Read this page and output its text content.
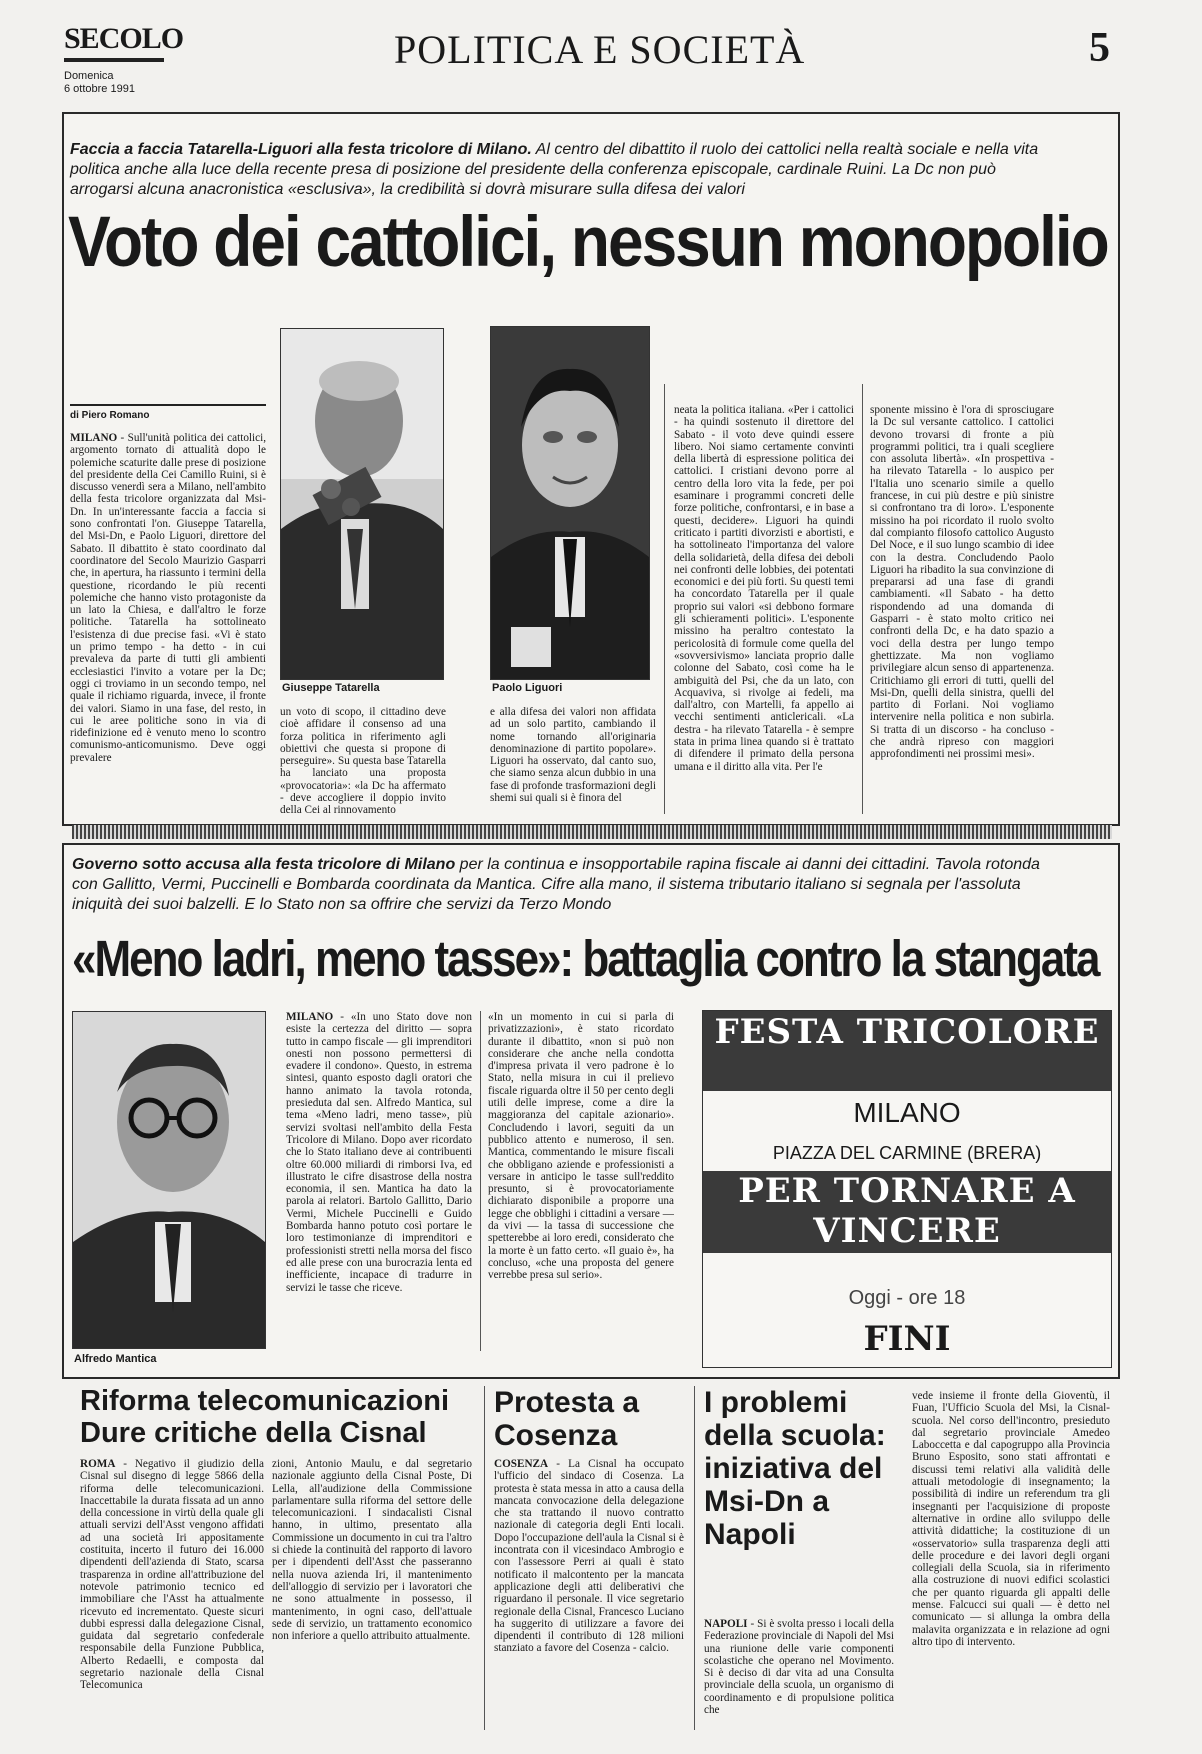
SECOLO
Domenica
6 ottobre 1991
POLITICA E SOCIETÀ	5
Faccia a faccia Tatarella-Liguori alla festa tricolore di Milano. Al centro del dibattito il ruolo dei cattolici nella realtà sociale e nella vita politica anche alla luce della recente presa di posizione del presidente della conferenza episcopale, cardinale Ruini. La Dc non può arrogarsi alcuna anacronistica «esclusiva», la credibilità si dovrà misurare sulla difesa dei valori
Voto dei cattolici, nessun monopolio
di Piero Romano
MILANO - Sull'unità politica dei cattolici, argomento tornato di attualità dopo le polemiche scaturite dalle prese di posizione del presidente della Cei Camillo Ruini, si è discusso venerdì sera a Milano, nell'ambito della festa tricolore organizzata dal Msi-Dn. In un'interessante faccia a faccia si sono confrontati l'on. Giuseppe Tatarella, del Msi-Dn, e Paolo Liguori, direttore del Sabato. Il dibattito è stato coordinato dal coordinatore del Secolo Maurizio Gasparri che, in apertura, ha riassunto i termini della questione, ricordando le più recenti polemiche che hanno visto protagoniste da un lato la Chiesa, e dall'altro le forze politiche. Tatarella ha sottolineato l'esistenza di due precise fasi. «Vi è stato un primo tempo - ha detto - in cui prevaleva da parte di tutti gli ambienti ecclesiastici l'invito a votare per la Dc; oggi ci troviamo in un secondo tempo, nel quale il richiamo riguarda, invece, il fronte dei valori. Siamo in una fase, del resto, in cui le aree politiche sono in via di ridefinizione ed è venuto meno lo scontro comunismo-anticomunismo. Deve oggi prevalere
Giuseppe Tatarella
un voto di scopo, il cittadino deve cioè affidare il consenso ad una forza politica in riferimento agli obiettivi che questa si propone di perseguire». Su questa base Tatarella ha lanciato una proposta «provocatoria»: «la Dc ha affermato - deve accogliere il doppio invito della Cei al rinnovamento
Paolo Liguori
e alla difesa dei valori non affidata ad un solo partito, cambiando il nome tornando all'originaria denominazione di partito popolare». Liguori ha osservato, dal canto suo, che siamo senza alcun dubbio in una fase di profonde trasformazioni degli shemi sui quali si è finora del
neata la politica italiana. «Per i cattolici - ha quindi sostenuto il direttore del Sabato - il voto deve quindi essere libero. Noi siamo certamente convinti della libertà di espressione politica dei cattolici. I cristiani devono porre al centro della loro vita la fede, per poi esaminare i programmi concreti delle forze politiche, confrontarsi, e in base a questi, decidere». Liguori ha quindi criticato i partiti divorzisti e abortisti, e ha sottolineato l'importanza del valore della solidarietà, della difesa dei deboli nei confronti delle lobbies, dei potentati economici e dei più forti. Su questi temi ha concordato Tatarella per il quale proprio sui valori «si debbono formare gli schieramenti politici». L'esponente missino ha peraltro contestato la pericolosità di formule come quella del «sovversivismo» lanciata proprio dalle colonne del Sabato, così come ha le ambiguità del Psi, che da un lato, con Acquaviva, si rivolge ai fedeli, ma dall'altro, con Martelli, fa appello ai vecchi sentimenti anticlericali. «La destra - ha rilevato Tatarella - è sempre stata in prima linea quando si è trattato di difendere il primato della persona umana e il diritto alla vita. Per l'e
sponente missino è l'ora di sprosciugare la Dc sul versante cattolico. I cattolici devono trovarsi di fronte a più programmi politici, tra i quali scegliere con assoluta libertà». «In prospettiva - ha rilevato Tatarella - lo auspico per l'Italia uno scenario simile a quello francese, in cui più destre e più sinistre si confrontano tra di loro». L'esponente missino ha poi ricordato il ruolo svolto dal compianto filosofo cattolico Augusto Del Noce, e il suo lungo scambio di idee con la destra. Concludendo Paolo Liguori ha ribadito la sua convinzione di prepararsi ad una fase di grandi cambiamenti. «Il Sabato - ha detto rispondendo ad una domanda di Gasparri - è stato molto critico nei confronti della Dc, e ha dato spazio a voci della destra per lungo tempo ghettizzate. Ma non vogliamo privilegiare alcun senso di appartenenza. Critichiamo gli errori di tutti, quelli del Msi-Dn, quelli della sinistra, quelli del partito di Forlani. Noi vogliamo intervenire nella politica e non subirla. Si tratta di un discorso - ha concluso - che andrà ripreso con maggiori approfondimenti nei prossimi mesi».
Governo sotto accusa alla festa tricolore di Milano per la continua e insopportabile rapina fiscale ai danni dei cittadini. Tavola rotonda con Gallitto, Vermi, Puccinelli e Bombarda coordinata da Mantica. Cifre alla mano, il sistema tributario italiano si segnala per l'assoluta iniquità dei suoi balzelli. E lo Stato non sa offrire che servizi da Terzo Mondo
«Meno ladri, meno tasse»: battaglia contro la stangata
Alfredo Mantica
MILANO - «In uno Stato dove non esiste la certezza del diritto — sopra tutto in campo fiscale — gli imprenditori onesti non possono permettersi di evadere il condono». Questo, in estrema sintesi, quanto esposto dagli oratori che hanno animato la tavola rotonda, presieduta dal sen. Alfredo Mantica, sul tema «Meno ladri, meno tasse», più servizi svoltasi nell'ambito della Festa Tricolore di Milano. Dopo aver ricordato che lo Stato italiano deve ai contribuenti oltre 60.000 miliardi di rimborsi Iva, ed illustrato le cifre disastrose della nostra economia, il sen. Mantica ha dato la parola ai relatori. Bartolo Gallitto, Dario Vermi, Michele Puccinelli e Guido Bombarda hanno potuto così portare le loro testimonianze di imprenditori e professionisti stretti nella morsa del fisco ed alle prese con una burocrazia lenta ed inefficiente, incapace di tradurre in servizi le tasse che riceve.
«In un momento in cui si parla di privatizzazioni», è stato ricordato durante il dibattito, «non si può non considerare che anche nella condotta d'impresa privata il vero padrone è lo Stato, nella misura in cui il prelievo fiscale riguarda oltre il 50 per cento degli utili delle imprese, come a dire la maggioranza del capitale azionario». Concludendo i lavori, seguiti da un pubblico attento e numeroso, il sen. Mantica, commentando le misure fiscali che obbligano aziende e professionisti a versare in anticipo le tasse sull'reddito presunto, si è provocatoriamente dichiarato disponibile a proporre una legge che obblighi i cittadini a versare — da vivi — la tassa di successione che spetterebbe ai loro eredi, considerato che la morte è un fatto certo. «Il guaio è», ha concluso, «che una proposta del genere verrebbe presa sul serio».
FESTA TRICOLORE
MILANO
PIAZZA DEL CARMINE (BRERA)
PER TORNARE A VINCERE
Oggi - ore 18
FINI
Riforma telecomunicazioni Dure critiche della Cisnal
ROMA - Negativo il giudizio della Cisnal sul disegno di legge 5866 della riforma delle telecomunicazioni. Inaccettabile la durata fissata ad un anno della concessione in virtù della quale gli attuali servizi dell'Asst vengono affidati ad una società Iri appositamente costituita, incerto il futuro dei 16.000 dipendenti dell'azienda di Stato, scarsa trasparenza in ordine all'attribuzione del notevole patrimonio tecnico ed immobiliare che l'Asst ha attualmente ricevuto ed incrementato. Queste sicuri dubbi espressi dalla delegazione Cisnal, guidata dal segretario confederale responsabile della Funzione Pubblica, Alberto Redaelli, e composta dal segretario nazionale della Cisnal Telecomunica
zioni, Antonio Maulu, e dal segretario nazionale aggiunto della Cisnal Poste, Di Lella, all'audizione della Commissione parlamentare sulla riforma del settore delle telecomunicazioni. I sindacalisti Cisnal hanno, in ultimo, presentato alla Commissione un documento in cui tra l'altro si chiede la continuità del rapporto di lavoro per i dipendenti dell'Asst che passeranno nella nuova azienda Iri, il mantenimento dell'alloggio di servizio per i lavoratori che ne sono attualmente in possesso, il mantenimento, in ogni caso, dell'attuale sede di servizio, un trattamento economico non inferiore a quello attribuito attualmente.
Protesta a Cosenza
COSENZA - La Cisnal ha occupato l'ufficio del sindaco di Cosenza. La protesta è stata messa in atto a causa della mancata convocazione della delegazione che sta trattando il nuovo contratto nazionale di categoria degli Enti locali. Dopo l'occupazione dell'aula la Cisnal si è incontrata con il vicesindaco Ambrogio e con l'assessore Perri ai quali è stato notificato il malcontento per la mancata applicazione degli atti deliberativi che riguardano il personale. Il vice segretario regionale della Cisnal, Francesco Luciano ha suggerito di utilizzare a favore dei dipendenti il contributo di 128 milioni stanziato a favore del Cosenza - calcio.
I problemi della scuola: iniziativa del Msi-Dn a Napoli
NAPOLI - Si è svolta presso i locali della Federazione provinciale di Napoli del Msi una riunione delle varie componenti scolastiche che operano nel Movimento. Si è deciso di dar vita ad una Consulta provinciale della scuola, un organismo di coordinamento e di propulsione politica che
vede insieme il fronte della Gioventù, il Fuan, l'Ufficio Scuola del Msi, la Cisnal-scuola. Nel corso dell'incontro, presieduto dal segretario provinciale Amedeo Laboccetta e dal capogruppo alla Provincia Bruno Esposito, sono stati affrontati e discussi temi relativi alla validità delle attuali metodologie di insegnamento; la possibilità di indire un referendum tra gli insegnanti per l'acquisizione di proposte alternative in ordine allo sviluppo delle attività didattiche; la costituzione di un «osservatorio» sulla trasparenza degli atti delle procedure e dei lavori degli organi collegiali della Scuola, sia in riferimento alla costruzione di nuovi edifici scolastici che per quanto riguarda gli appalti delle mense. Falcucci sui quali — è detto nel comunicato — si allunga la ombra della malavita organizzata e in relazione ad ogni altro tipo di intervento.
